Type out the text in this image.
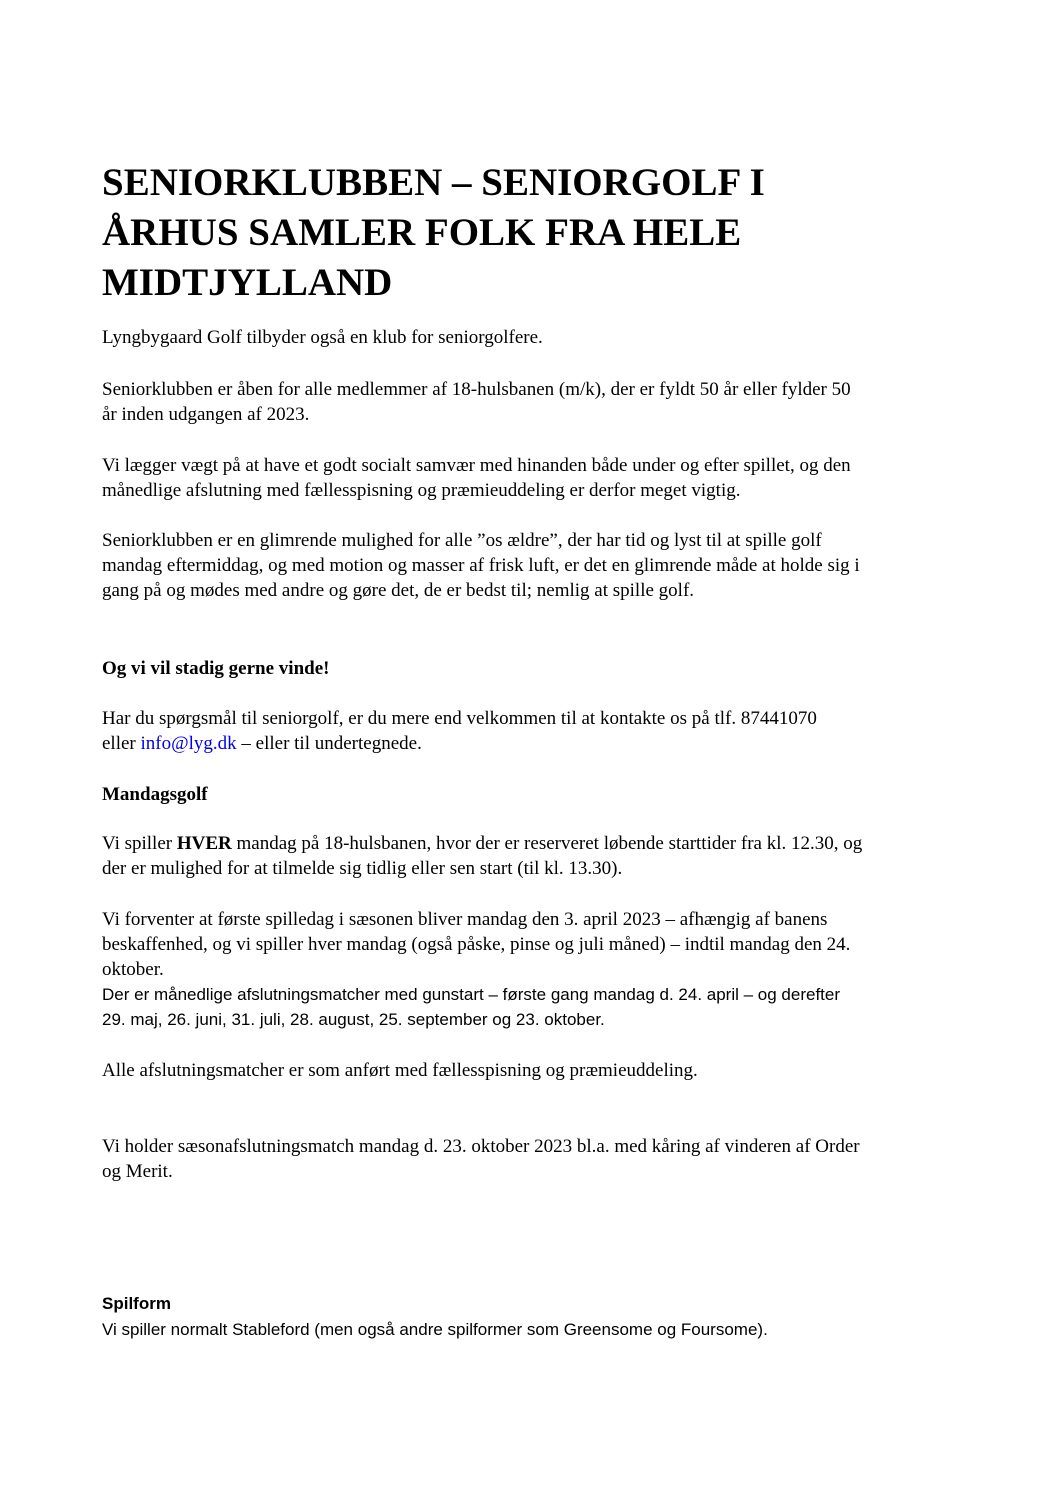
SENIORKLUBBEN – SENIORGOLF I
ÅRHUS SAMLER FOLK FRA HELE
MIDTJYLLAND

Lyngbygaard Golf tilbyder også en klub for seniorgolfere.

Seniorklubben er åben for alle medlemmer af 18-hulsbanen (m/k), der er fyldt 50 år eller fylder 50
år inden udgangen af 2023.

Vi lægger vægt på at have et godt socialt samvær med hinanden både under og efter spillet, og den
månedlige afslutning med fællesspisning og præmieuddeling er derfor meget vigtig.

Seniorklubben er en glimrende mulighed for alle ”os ældre”, der har tid og lyst til at spille golf
mandag eftermiddag, og med motion og masser af frisk luft, er det en glimrende måde at holde sig i
gang på og mødes med andre og gøre det, de er bedst til; nemlig at spille golf.

Og vi vil stadig gerne vinde!

Har du spørgsmål til seniorgolf, er du mere end velkommen til at kontakte os på tlf. 87441070
eller info@lyg.dk – eller til undertegnede.

Mandagsgolf

Vi spiller HVER mandag på 18-hulsbanen, hvor der er reserveret løbende starttider fra kl. 12.30, og
der er mulighed for at tilmelde sig tidlig eller sen start (til kl. 13.30).

Vi forventer at første spilledag i sæsonen bliver mandag den 3. april 2023 – afhængig af banens
beskaffenhed, og vi spiller hver mandag (også påske, pinse og juli måned) – indtil mandag den 24.
oktober.

Der er månedlige afslutningsmatcher med gunstart – første gang mandag d. 24. april – og derefter
29. maj, 26. juni, 31. juli, 28. august, 25. september og 23. oktober.

Alle afslutningsmatcher er som anført med fællesspisning og præmieuddeling.

Vi holder sæsonafslutningsmatch mandag d. 23. oktober 2023 bl.a. med kåring af vinderen af Order
og Merit.

Spilform

Vi spiller normalt Stableford (men også andre spilformer som Greensome og Foursome).
